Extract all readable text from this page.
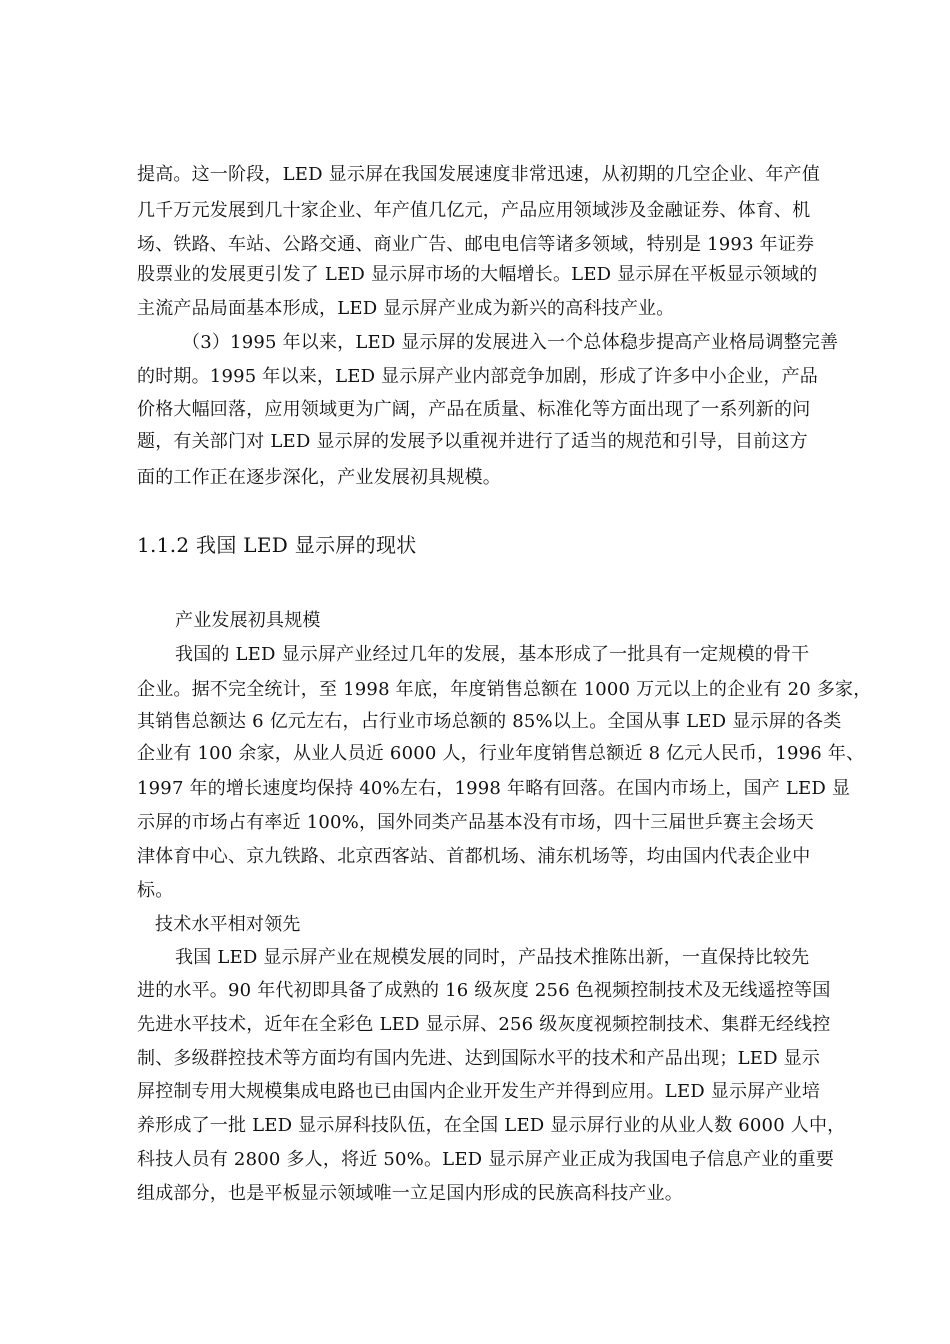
提高。这一阶段，LED 显示屏在我国发展速度非常迅速，从初期的几空企业、年产值
几千万元发展到几十家企业、年产值几亿元，产品应用领域涉及金融证券、体育、机
场、铁路、车站、公路交通、商业广告、邮电电信等诸多领域，特别是 1993 年证券
股票业的发展更引发了 LED 显示屏市场的大幅增长。LED 显示屏在平板显示领域的
主流产品局面基本形成，LED 显示屏产业成为新兴的高科技产业。
（3）1995 年以来，LED 显示屏的发展进入一个总体稳步提高产业格局调整完善
的时期。1995 年以来，LED 显示屏产业内部竞争加剧，形成了许多中小企业，产品
价格大幅回落，应用领域更为广阔，产品在质量、标准化等方面出现了一系列新的问
题，有关部门对 LED 显示屏的发展予以重视并进行了适当的规范和引导，目前这方
面的工作正在逐步深化，产业发展初具规模。
1.1.2 我国 LED 显示屏的现状
产业发展初具规模
我国的 LED 显示屏产业经过几年的发展，基本形成了一批具有一定规模的骨干
企业。据不完全统计，至 1998 年底，年度销售总额在 1000 万元以上的企业有 20 多家，
其销售总额达 6 亿元左右，占行业市场总额的 85%以上。全国从事 LED 显示屏的各类
企业有 100 余家，从业人员近 6000 人，行业年度销售总额近 8 亿元人民币，1996 年、
1997 年的增长速度均保持 40%左右，1998 年略有回落。在国内市场上，国产 LED 显
示屏的市场占有率近 100%，国外同类产品基本没有市场，四十三届世乒赛主会场天
津体育中心、京九铁路、北京西客站、首都机场、浦东机场等，均由国内代表企业中
标。
技术水平相对领先
我国 LED 显示屏产业在规模发展的同时，产品技术推陈出新，一直保持比较先
进的水平。90 年代初即具备了成熟的 16 级灰度 256 色视频控制技术及无线遥控等国
先进水平技术，近年在全彩色 LED 显示屏、256 级灰度视频控制技术、集群无经线控
制、多级群控技术等方面均有国内先进、达到国际水平的技术和产品出现；LED 显示
屏控制专用大规模集成电路也已由国内企业开发生产并得到应用。LED 显示屏产业培
养形成了一批 LED 显示屏科技队伍，在全国 LED 显示屏行业的从业人数 6000 人中，
科技人员有 2800 多人，将近 50%。LED 显示屏产业正成为我国电子信息产业的重要
组成部分，也是平板显示领域唯一立足国内形成的民族高科技产业。
